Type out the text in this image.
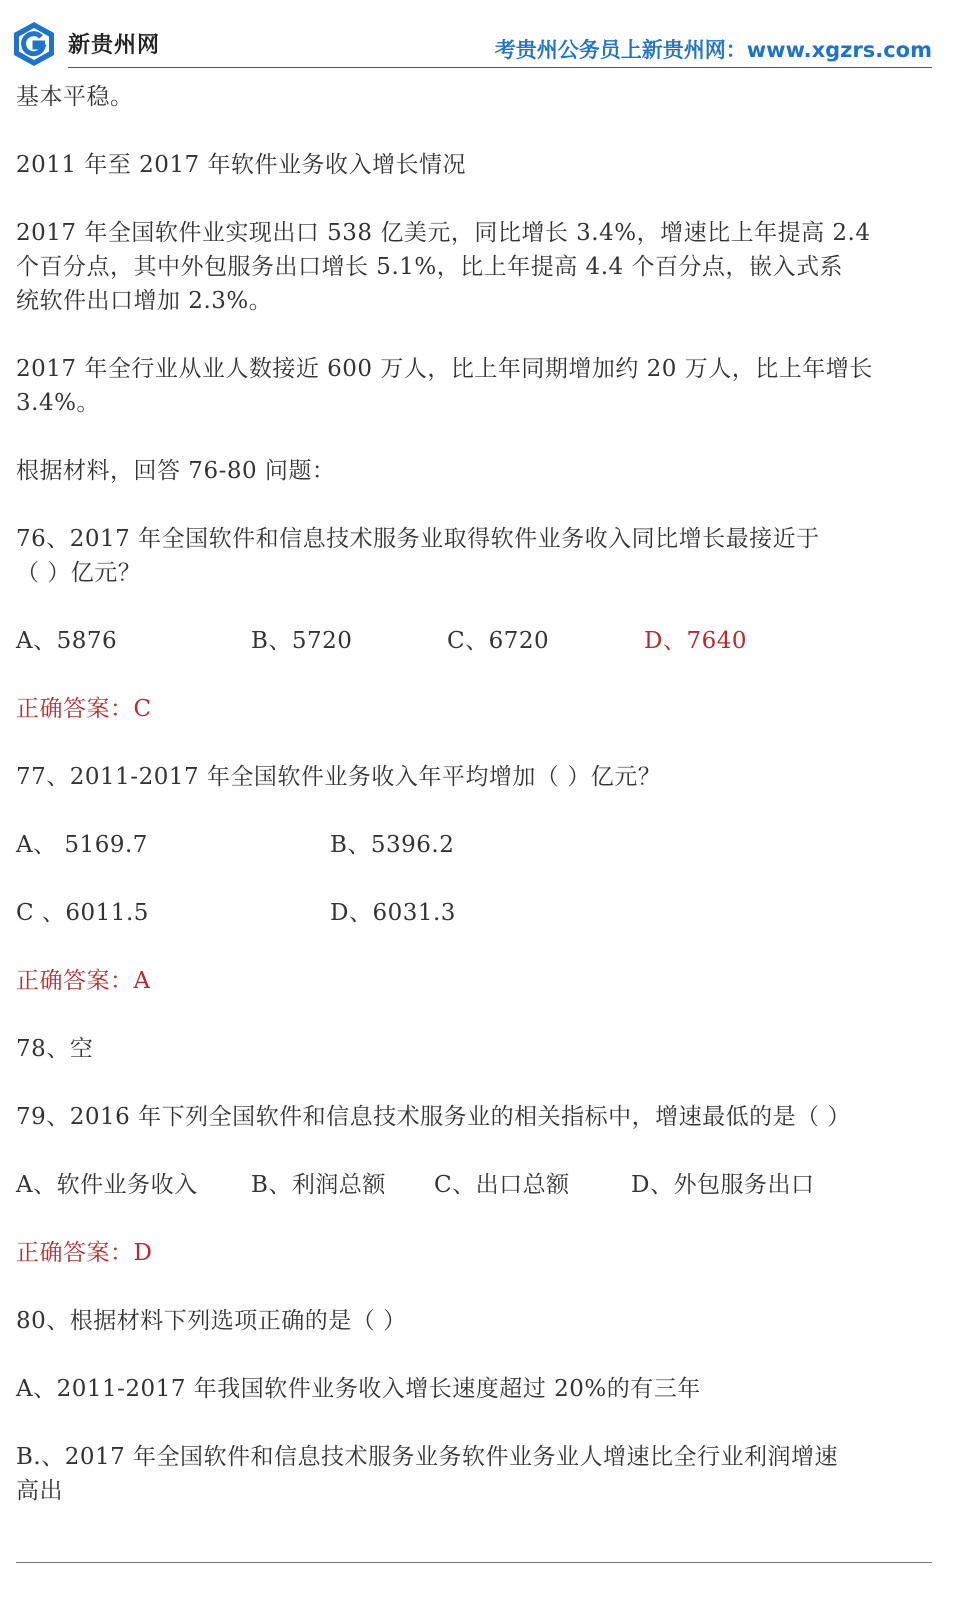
新贵州网	考贵州公务员上新贵州网：www.xgzrs.com

基本平稳。

2011 年至 2017 年软件业务收入增长情况

2017 年全国软件业实现出口 538 亿美元，同比增长 3.4%，增速比上年提高 2.4

个百分点，其中外包服务出口增长 5.1%，比上年提高 4.4 个百分点，嵌入式系

统软件出口增加 2.3%。

2017 年全行业从业人数接近 600 万人，比上年同期增加约 20 万人，比上年增长

3.4%。

根据材料，回答 76-80 问题：

76、2017 年全国软件和信息技术服务业取得软件业务收入同比增长最接近于

（ ）亿元？

A、5876	B、5720	C、6720	D、7640

正确答案：C

77、2011-2017 年全国软件业务收入年平均增加（ ）亿元？

A、 5169.7	B、5396.2
C 、6011.5	D、6031.3

正确答案：A

78、空

79、2016 年下列全国软件和信息技术服务业的相关指标中，增速最低的是（ ）

A、软件业务收入	B、利润总额	C、出口总额	D、外包服务出口

正确答案：D

80、根据材料下列选项正确的是（ ）

A、2011-2017 年我国软件业务收入增长速度超过 20%的有三年

B.、2017 年全国软件和信息技术服务业务软件业务业人增速比全行业利润增速

高出
